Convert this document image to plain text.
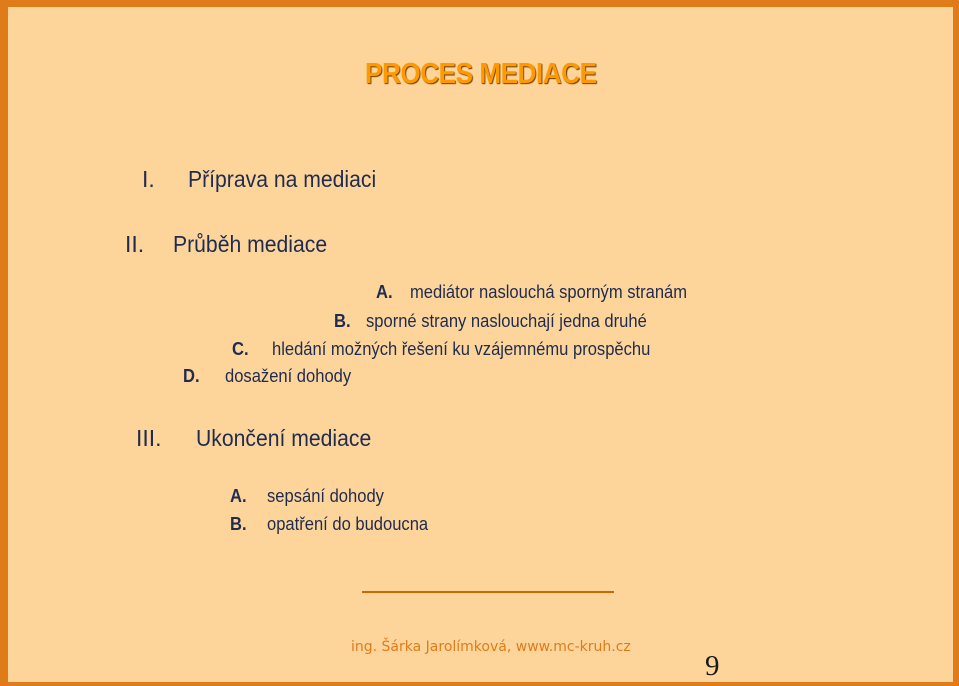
PROCES MEDIACE
I. Příprava na mediaci
II. Průběh mediace
A. mediátor naslouchá sporným stranám
B. sporné strany naslouchají jedna druhé
C. hledání možných řešení ku vzájemnému prospěchu
D. dosažení dohody
III. Ukončení mediace
A. sepsání dohody
B. opatření do budoucna
ing. Šárka Jarolímková, www.mc-kruh.cz
9
